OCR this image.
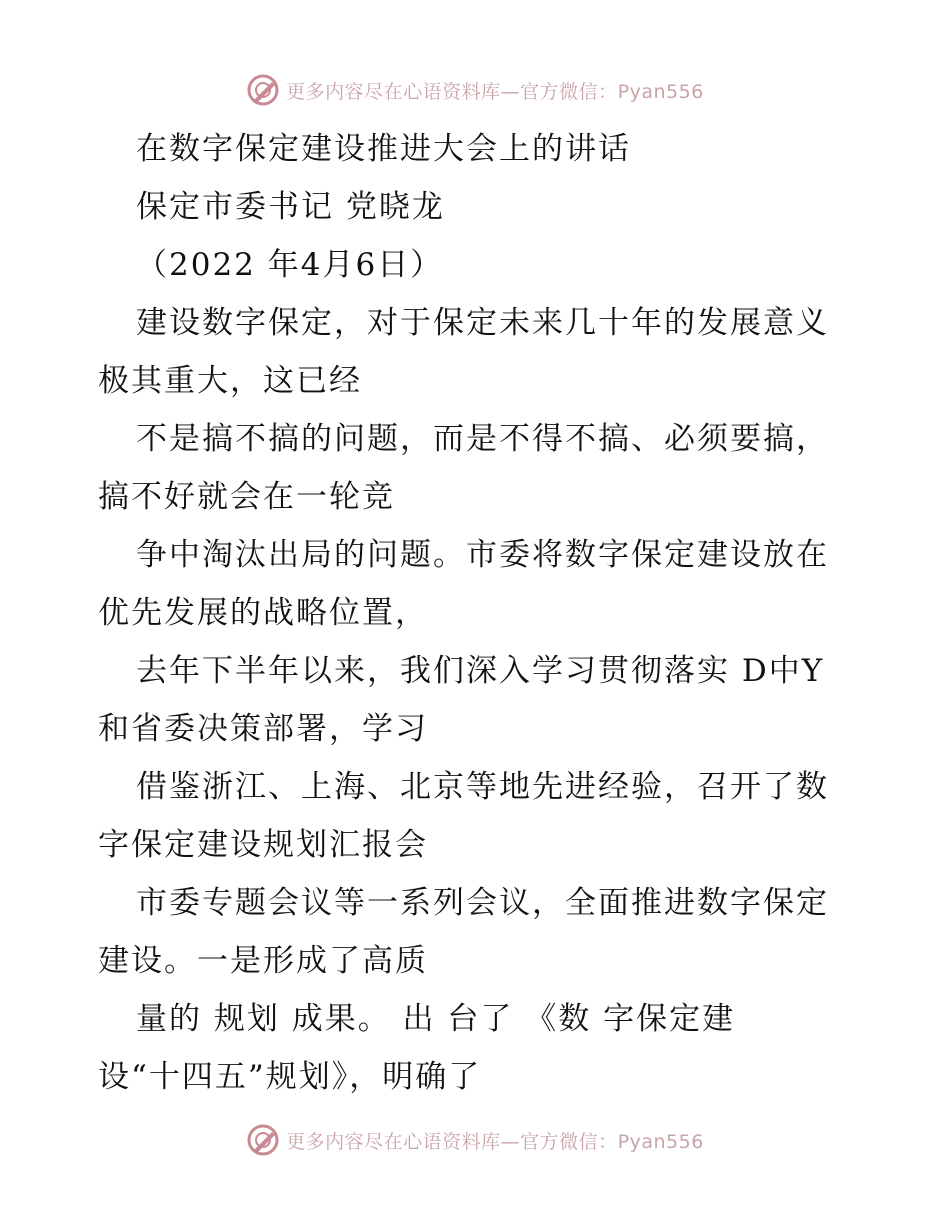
更多内容尽在心语资料库—官方微信：Pyan556
在数字保定建设推进大会上的讲话
保定市委书记 党晓龙
（2022 年4月6日）
建设数字保定，对于保定未来几十年的发展意义
极其重大，这已经
不是搞不搞的问题，而是不得不搞、必须要搞，
搞不好就会在一轮竞
争中淘汰出局的问题。市委将数字保定建设放在
优先发展的战略位置，
去年下半年以来，我们深入学习贯彻落实 D中Y
和省委决策部署，学习
借鉴浙江、上海、北京等地先进经验，召开了数
字保定建设规划汇报会
市委专题会议等一系列会议，全面推进数字保定
建设。一是形成了高质
量的 规划 成果。 出 台了 《数 字保定建
设“十四五”规划》，明确了
更多内容尽在心语资料库—官方微信：Pyan556
